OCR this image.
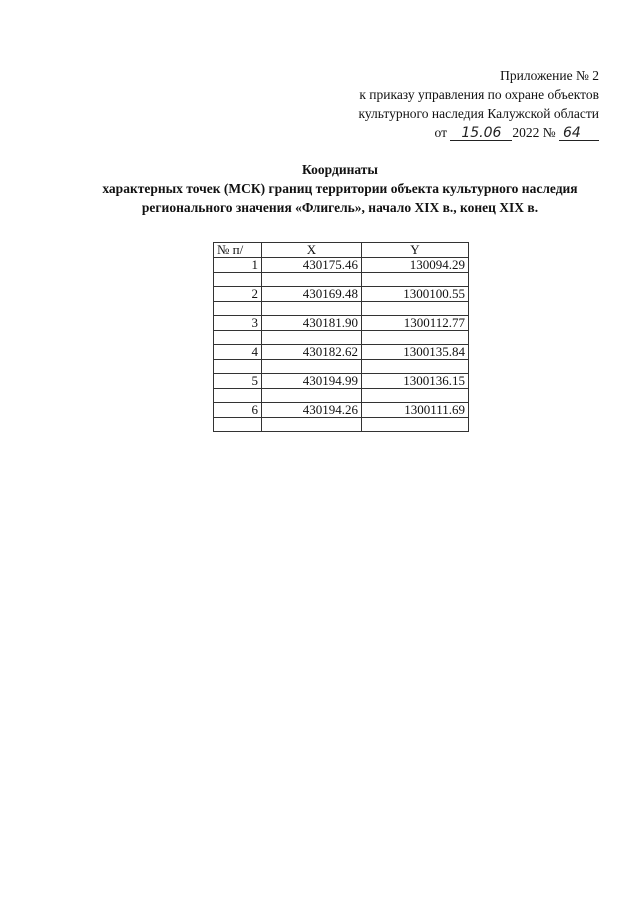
Приложение № 2
к приказу управления по охране объектов
культурного наследия Калужской области
от 15.06 2022 № 64
Координаты
характерных точек (МСК) границ территории объекта культурного наследия
регионального значения «Флигель», начало XIX в., конец XIX в.
№ п/	X	Y
1	430175.46	130094.29

2	430169.48	1300100.55

3	430181.90	1300112.77

4	430182.62	1300135.84

5	430194.99	1300136.15

6	430194.26	1300111.69
